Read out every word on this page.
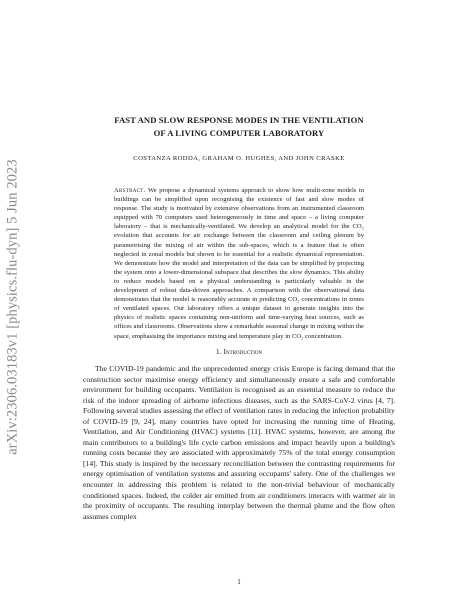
arXiv:2306.03183v1 [physics.flu-dyn] 5 Jun 2023
FAST AND SLOW RESPONSE MODES IN THE VENTILATION
OF A LIVING COMPUTER LABORATORY
COSTANZA RODDA, GRAHAM O. HUGHES, AND JOHN CRASKE
Abstract. We propose a dynamical systems approach to show how multi-zone models in buildings can be simplified upon recognising the existence of fast and slow modes of response. The study is motivated by extensive observations from an instrumented classroom equipped with 70 computers used heterogeneously in time and space – a living computer laboratory – that is mechanically-ventilated. We develop an analytical model for the CO₂ evolution that accounts for air exchange between the classroom and ceiling plenum by parametrising the mixing of air within the sub-spaces, which is a feature that is often neglected in zonal models but shown to be essential for a realistic dynamical representation. We demonstrate how the model and interpretation of the data can be simplified by projecting the system onto a lower-dimensional subspace that describes the slow dynamics. This ability to reduce models based on a physical understanding is particularly valuable in the development of robust data-driven approaches. A comparison with the observational data demonstrates that the model is reasonably accurate in predicting CO₂ concentrations in zones of ventilated spaces. Our laboratory offers a unique dataset to generate insights into the physics of realistic spaces containing non-uniform and time-varying heat sources, such as offices and classrooms. Observations show a remarkable seasonal change in mixing within the space, emphasising the importance mixing and temperature play in CO₂ concentration.
1. Introduction

The COVID-19 pandemic and the unprecedented energy crisis Europe is facing demand that the construction sector maximise energy efficiency and simultaneously ensure a safe and comfortable environment for building occupants. Ventilation is recognised as an essential measure to reduce the risk of the indoor spreading of airborne infectious diseases, such as the SARS-CoV-2 virus [4, 7]. Following several studies assessing the effect of ventilation rates in reducing the infection probability of COVID-19 [9, 24], many countries have opted for increasing the running time of Heating, Ventilation, and Air Conditioning (HVAC) systems [11]. HVAC systems, however, are among the main contributors to a building's life cycle carbon emissions and impact heavily upon a building's running costs because they are associated with approximately 75% of the total energy consumption [14]. This study is inspired by the necessary reconciliation between the contrasting requirements for energy optimisation of ventilation systems and assuring occupants' safety. One of the challenges we encounter in addressing this problem is related to the non-trivial behaviour of mechanically conditioned spaces. Indeed, the colder air emitted from air conditioners interacts with warmer air in the proximity of occupants. The resulting interplay between the thermal plume and the flow often assumes complex

1
